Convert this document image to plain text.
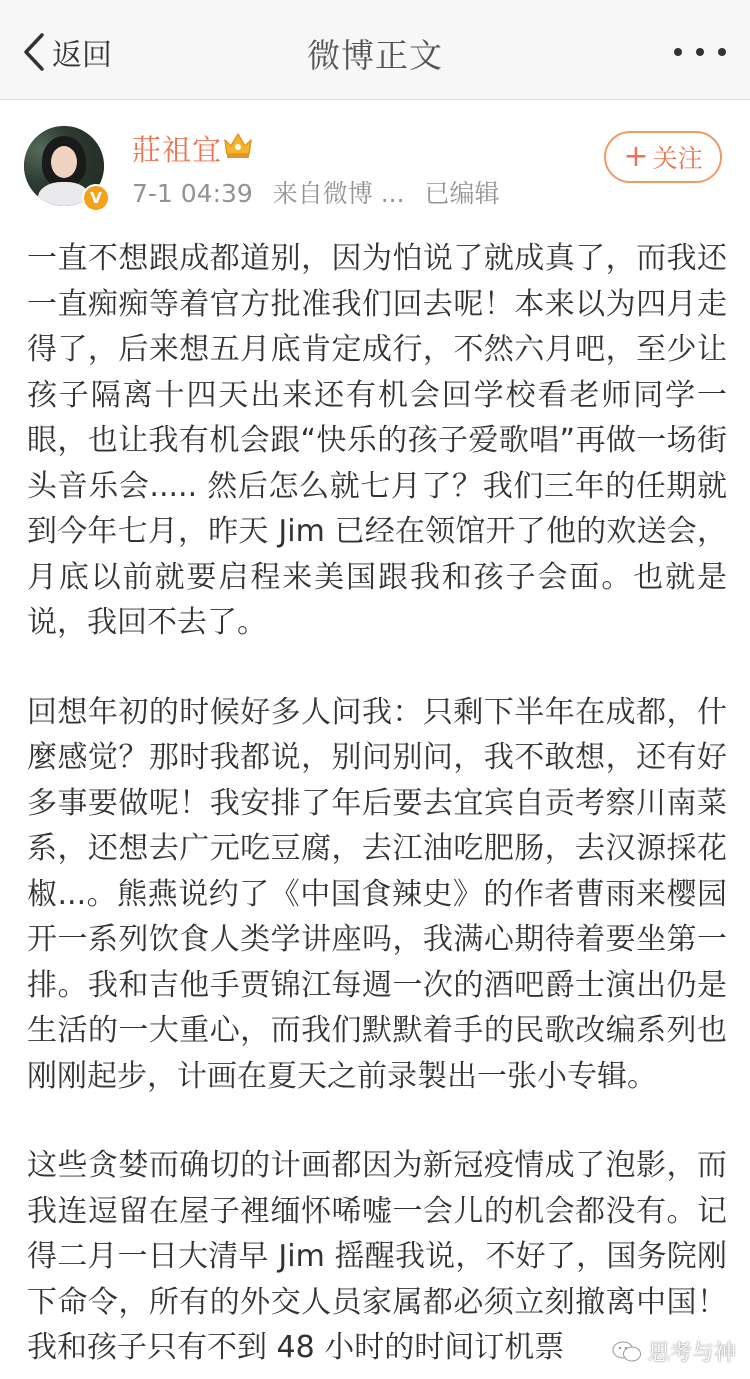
返回	微博正文
V
莊祖宜
7-1 04:39 来自微博 ... 已编辑
+ 关注

一直不想跟成都道别，因为怕说了就成真了，而我还一直痴痴等着官方批准我们回去呢！本来以为四月走得了，后来想五月底肯定成行，不然六月吧，至少让孩子隔离十四天出来还有机会回学校看老师同学一眼，也让我有机会跟“快乐的孩子爱歌唱”再做一场街头音乐会..... 然后怎么就七月了？我们三年的任期就到今年七月，昨天 Jim 已经在领馆开了他的欢送会，月底以前就要启程来美国跟我和孩子会面。也就是说，我回不去了。

回想年初的时候好多人问我：只剩下半年在成都，什麼感觉？那时我都说，别问别问，我不敢想，还有好多事要做呢！我安排了年后要去宜宾自贡考察川南菜系，还想去广元吃豆腐，去江油吃肥肠，去汉源採花椒...。熊燕说约了《中国食辣史》的作者曹雨来樱园开一系列饮食人类学讲座吗，我满心期待着要坐第一排。我和吉他手贾锦江每週一次的酒吧爵士演出仍是生活的一大重心，而我们默默着手的民歌改编系列也刚刚起步，计画在夏天之前录製出一张小专辑。

这些贪婪而确切的计画都因为新冠疫情成了泡影，而我连逗留在屋子裡缅怀唏嘘一会儿的机会都没有。记得二月一日大清早 Jim 摇醒我说，不好了，国务院刚下命令，所有的外交人员家属都必须立刻撤离中国！我和孩子只有不到 48 小时的时间订机票	思考与神
